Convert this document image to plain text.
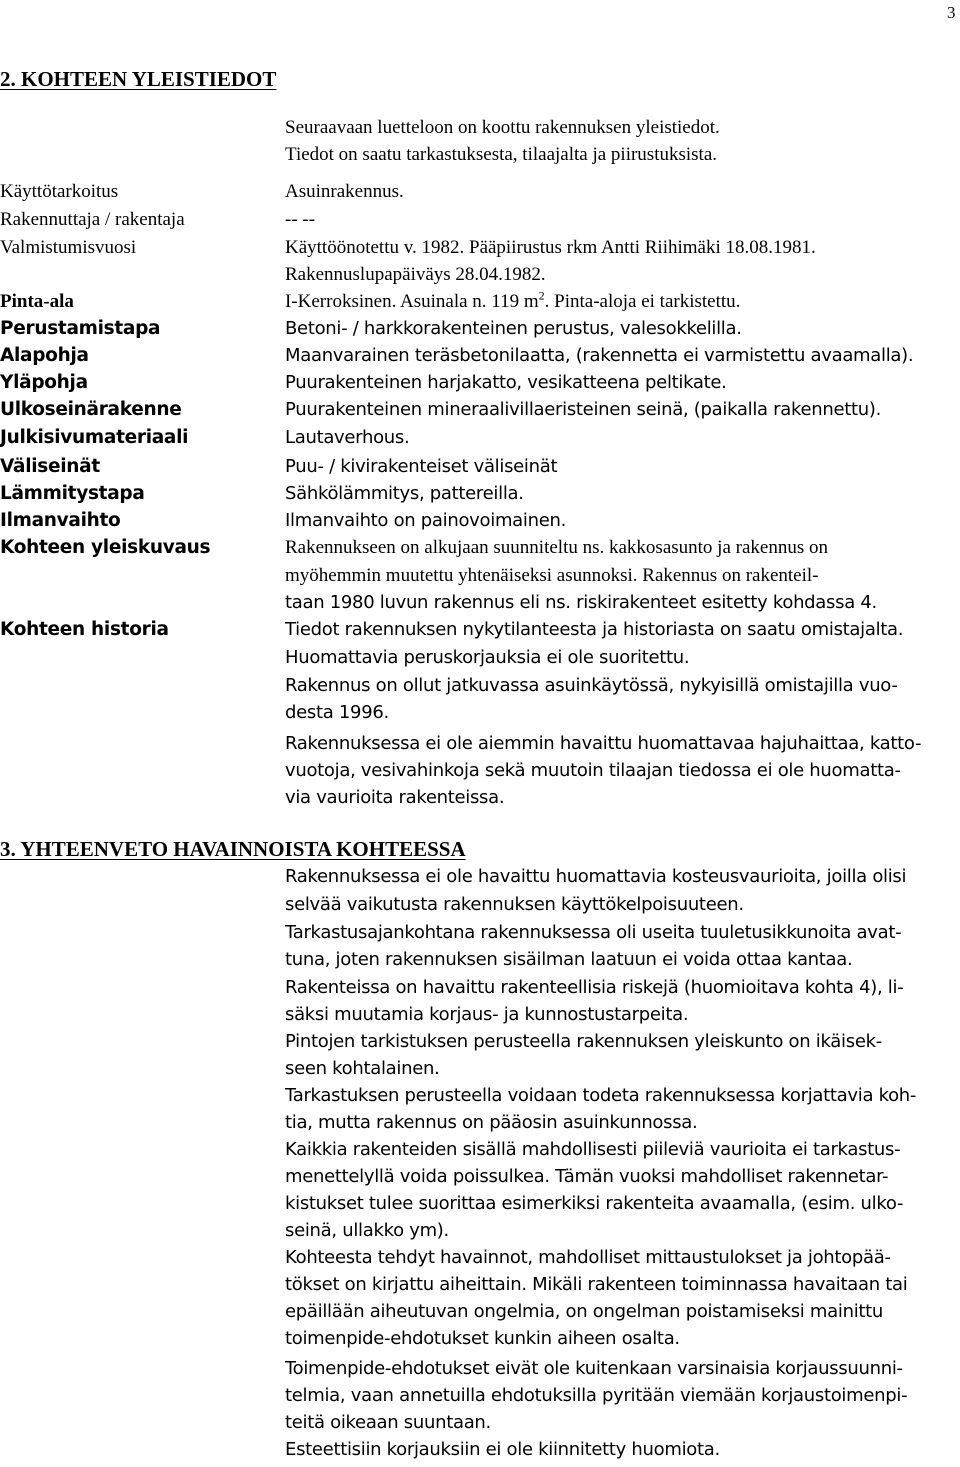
3
2. KOHTEEN YLEISTIEDOT
Seuraavaan luetteloon on koottu rakennuksen yleistiedot.
Tiedot on saatu tarkastuksesta, tilaajalta ja piirustuksista.
Käyttötarkoitus	Asuinrakennus.
Rakennuttaja / rakentaja	-- --
Valmistumisvuosi	Käyttöönotettu v. 1982. Pääpiirustus rkm Antti Riihimäki 18.08.1981.
Rakennuslupapäiväys 28.04.1982.
Pinta-ala	I-Kerroksinen. Asuinala n. 119 $m^2$. Pinta-aloja ei tarkistettu.
Perustamistapa	Betoni- / harkkorakenteinen perustus, valesokkelilla.
Alapohja	Maanvarainen teräsbetonilaatta, (rakennetta ei varmistettu avaamalla).
Yläpohja	Puurakenteinen harjakatto, vesikatteena peltikate.
Ulkoseinärakenne	Puurakenteinen mineraalivillaeristeinen seinä, (paikalla rakennettu).
Julkisivumateriaali	Lautaverhous.
Väliseinät	Puu- / kivirakenteiset väliseinät
Lämmitystapa	Sähkölämmitys, pattereilla.
Ilmanvaihto	Ilmanvaihto on painovoimainen.
Kohteen yleiskuvaus	Rakennukseen on alkujaan suunniteltu ns. kakkosasunto ja rakennus on
myöhemmin muutettu yhtenäiseksi asunnoksi. Rakennus on rakenteil-
taan 1980 luvun rakennus eli ns. riskirakenteet esitetty kohdassa 4.
Kohteen historia	Tiedot rakennuksen nykytilanteesta ja historiasta on saatu omistajalta.
Huomattavia peruskorjauksia ei ole suoritettu.
Rakennus on ollut jatkuvassa asuinkäytössä, nykyisillä omistajilla vuo-
desta 1996.
Rakennuksessa ei ole aiemmin havaittu huomattavaa hajuhaittaa, katto-
vuotoja, vesivahinkoja sekä muutoin tilaajan tiedossa ei ole huomatta-
via vaurioita rakenteissa.
3. YHTEENVETO HAVAINNOISTA KOHTEESSA
Rakennuksessa ei ole havaittu huomattavia kosteusvaurioita, joilla olisi
selvää vaikutusta rakennuksen käyttökelpoisuuteen.
Tarkastusajankohtana rakennuksessa oli useita tuuletusikkunoita avat-
tuna, joten rakennuksen sisäilman laatuun ei voida ottaa kantaa.
Rakenteissa on havaittu rakenteellisia riskejä (huomioitava kohta 4), li-
säksi muutamia korjaus- ja kunnostustarpeita.
Pintojen tarkistuksen perusteella rakennuksen yleiskunto on ikäisek-
seen kohtalainen.
Tarkastuksen perusteella voidaan todeta rakennuksessa korjattavia koh-
tia, mutta rakennus on pääosin asuinkunnossa.
Kaikkia rakenteiden sisällä mahdollisesti piileviä vaurioita ei tarkastus-
menettelyllä voida poissulkea. Tämän vuoksi mahdolliset rakennetar-
kistukset tulee suorittaa esimerkiksi rakenteita avaamalla, (esim. ulko-
seinä, ullakko ym).
Kohteesta tehdyt havainnot, mahdolliset mittaustulokset ja johtopää-
tökset on kirjattu aiheittain. Mikäli rakenteen toiminnassa havaitaan tai
epäillään aiheutuvan ongelmia, on ongelman poistamiseksi mainittu
toimenpide-ehdotukset kunkin aiheen osalta.
Toimenpide-ehdotukset eivät ole kuitenkaan varsinaisia korjaussuunni-
telmia, vaan annetuilla ehdotuksilla pyritään viemään korjaustoimenpi-
teitä oikeaan suuntaan.
Esteettisiin korjauksiin ei ole kiinnitetty huomiota.
